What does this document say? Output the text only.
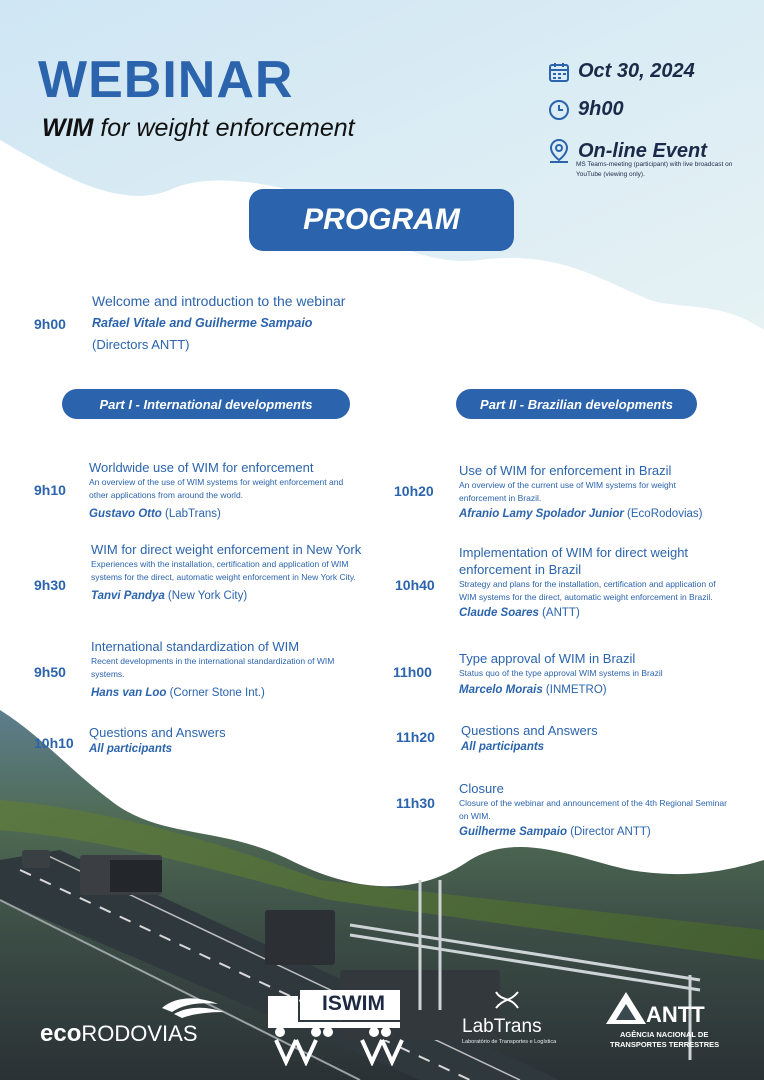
WEBINAR
WIM for weight enforcement
Oct 30, 2024
9h00
On-line Event
MS Teams-meeting (participant) with live broadcast on YouTube (viewing only).
PROGRAM
9h00
Welcome and introduction to the webinar
Rafael Vitale and Guilherme Sampaio
(Directors ANTT)
Part I - International developments	Part II - Brazilian developments
9h10
Worldwide use of WIM for enforcement
An overview of the use of WIM systems for weight enforcement and other applications from around the world.
Gustavo Otto (LabTrans)
9h30
WIM for direct weight enforcement in New York
Experiences with the installation, certification and application of WIM systems for the direct, automatic weight enforcement in New York City.
Tanvi Pandya (New York City)
9h50
International standardization of WIM
Recent developments in the international standardization of WIM systems.
Hans van Loo (Corner Stone Int.)
10h10
Questions and Answers
All participants
10h20
Use of WIM for enforcement in Brazil
An overview of the current use of WIM systems for weight enforcement in Brazil.
Afranio Lamy Spolador Junior (EcoRodovias)
10h40
Implementation of WIM for direct weight enforcement in Brazil
Strategy and plans for the installation, certification and application of WIM systems for the direct, automatic weight enforcement in Brazil.
Claude Soares (ANTT)
11h00
Type approval of WIM in Brazil
Status quo of the type approval WIM systems in Brazil
Marcelo Morais (INMETRO)
11h20 Questions and Answers
All participants
11h30
Closure
Closure of the webinar and announcement of the 4th Regional Seminar on WIM.
Guilherme Sampaio (Director ANTT)
ecoRODOVIAS
ISWIM
LabTrans
Laboratório de Transportes e Logística
ANTT
AGÊNCIA NACIONAL DE
TRANSPORTES TERRESTRES
